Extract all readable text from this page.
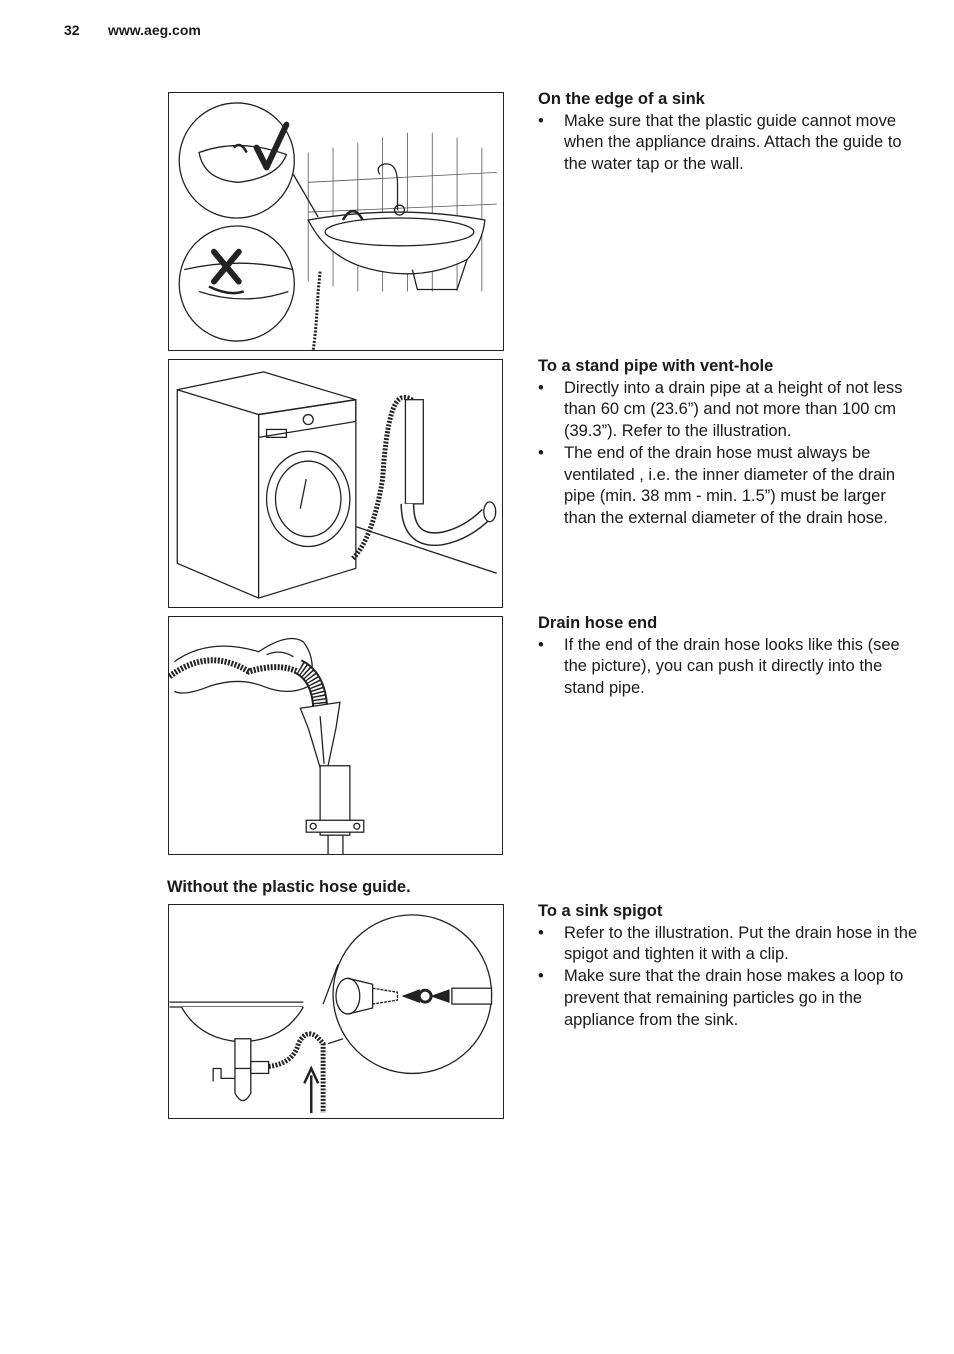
32 www.aeg.com
Without the plastic hose guide.
On the edge of a sink
• Make sure that the plastic guide cannot move when the appliance drains. Attach the guide to the water tap or the wall.
To a stand pipe with vent-hole
• Directly into a drain pipe at a height of not less than 60 cm (23.6”) and not more than 100 cm (39.3”). Refer to the illustration.
• The end of the drain hose must always be ventilated , i.e. the inner diameter of the drain pipe (min. 38 mm - min. 1.5”) must be larger than the external diameter of the drain hose.
Drain hose end
• If the end of the drain hose looks like this (see the picture), you can push it directly into the stand pipe.
To a sink spigot
• Refer to the illustration. Put the drain hose in the spigot and tighten it with a clip.
• Make sure that the drain hose makes a loop to prevent that remaining particles go in the appliance from the sink.
